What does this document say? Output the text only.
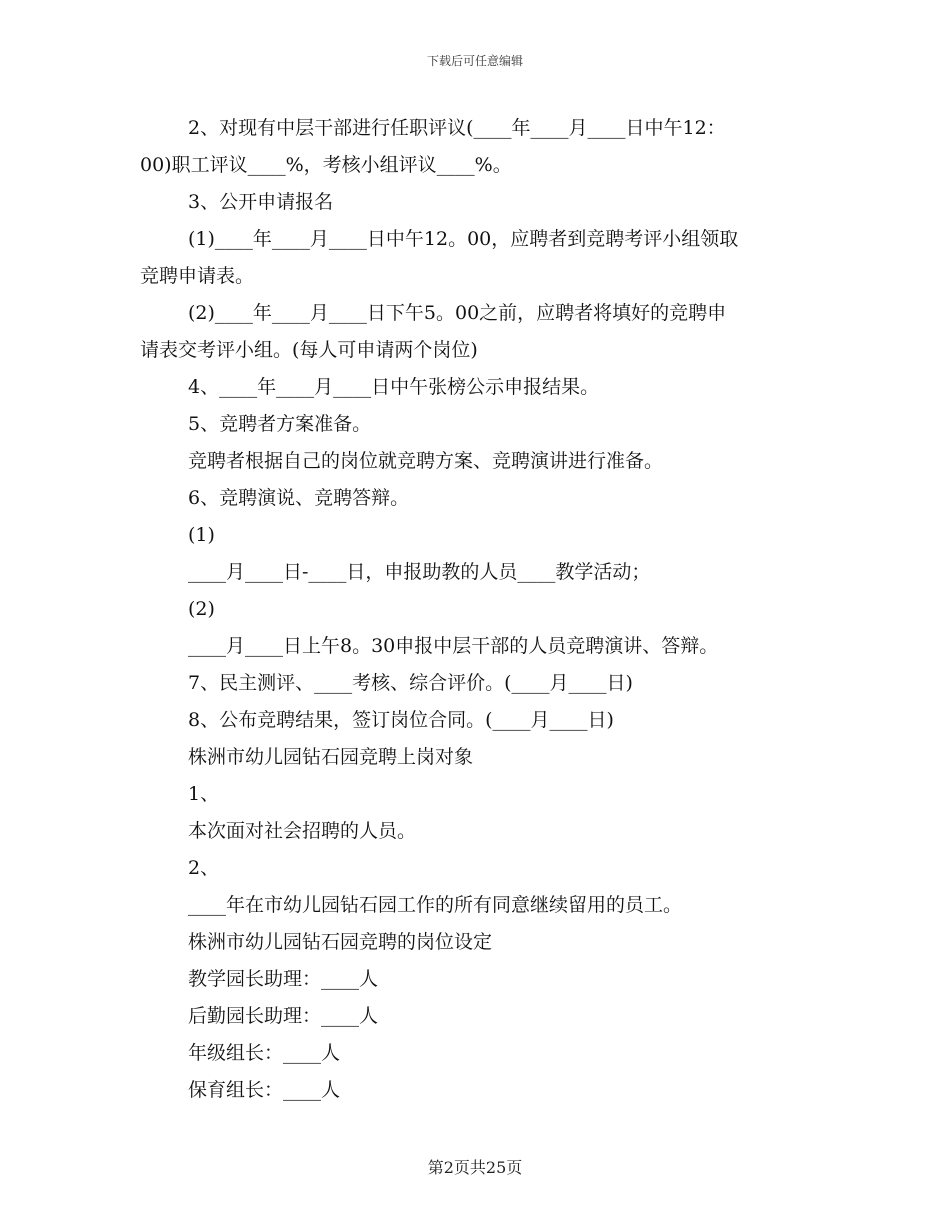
下载后可任意编辑
2、对现有中层干部进行任职评议(____年____月____日中午12：
00)职工评议____%，考核小组评议____%。
3、公开申请报名
(1)____年____月____日中午12。00，应聘者到竞聘考评小组领取
竞聘申请表。
(2)____年____月____日下午5。00之前，应聘者将填好的竞聘申
请表交考评小组。(每人可申请两个岗位)
4、____年____月____日中午张榜公示申报结果。
5、竞聘者方案准备。
竞聘者根据自己的岗位就竞聘方案、竞聘演讲进行准备。
6、竞聘演说、竞聘答辩。
(1)
____月____日-____日，申报助教的人员____教学活动；
(2)
____月____日上午8。30申报中层干部的人员竞聘演讲、答辩。
7、民主测评、____考核、综合评价。(____月____日)
8、公布竞聘结果，签订岗位合同。(____月____日)
株洲市幼儿园钻石园竞聘上岗对象
1、
本次面对社会招聘的人员。
2、
____年在市幼儿园钻石园工作的所有同意继续留用的员工。
株洲市幼儿园钻石园竞聘的岗位设定
教学园长助理：____人
后勤园长助理：____人
年级组长：____人
保育组长：____人
第2页共25页
